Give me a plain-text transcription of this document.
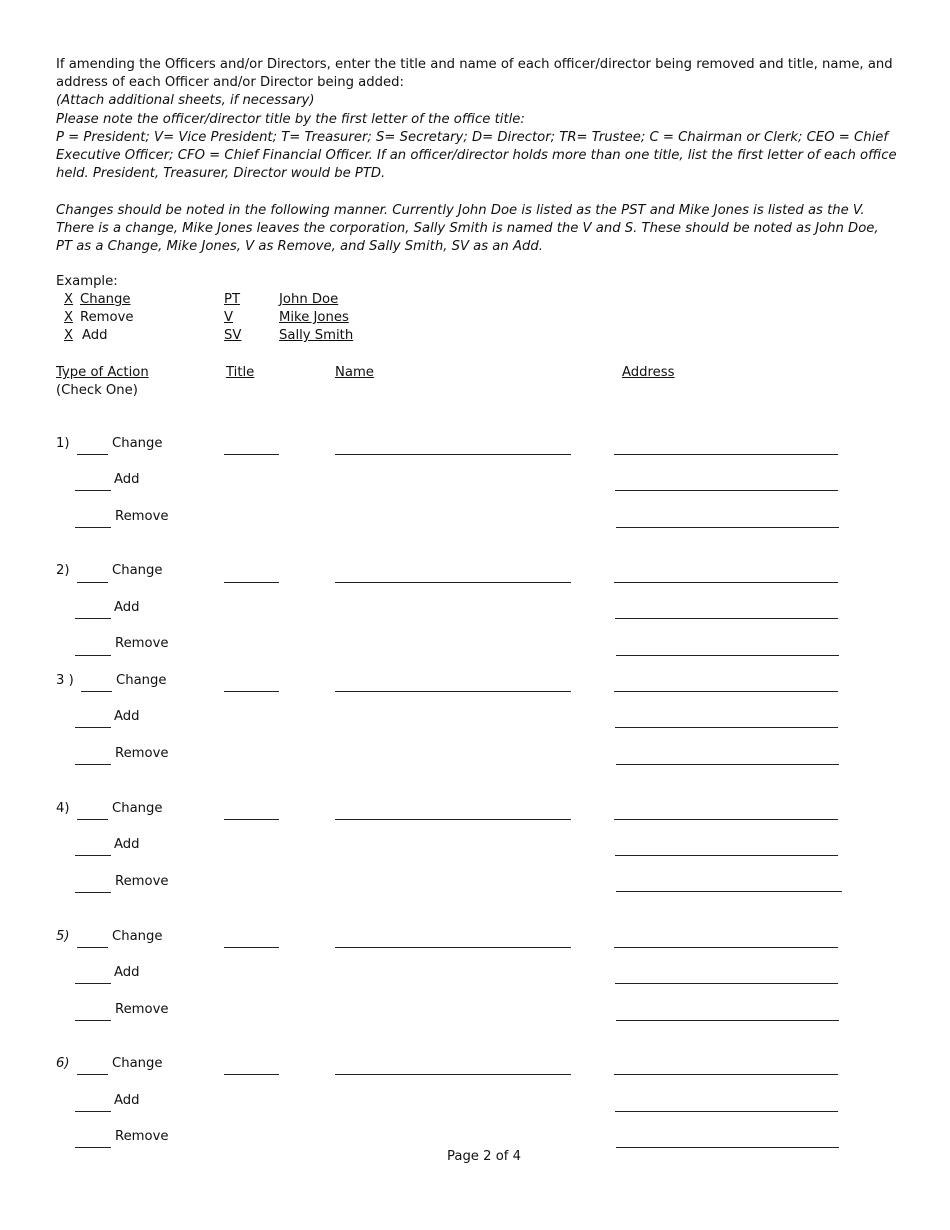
If amending the Officers and/or Directors, enter the title and name of each officer/director being removed and title, name, and address of each Officer and/or Director being added:
(Attach additional sheets, if necessary)
Please note the officer/director title by the first letter of the office title:
P = President; V= Vice President; T= Treasurer; S= Secretary; D= Director; TR= Trustee; C = Chairman or Clerk; CEO = Chief Executive Officer; CFO = Chief Financial Officer. If an officer/director holds more than one title, list the first letter of each office held. President, Treasurer, Director would be PTD.
Changes should be noted in the following manner. Currently John Doe is listed as the PST and Mike Jones is listed as the V. There is a change, Mike Jones leaves the corporation, Sally Smith is named the V and S. These should be noted as John Doe, PT as a Change, Mike Jones, V as Remove, and Sally Smith, SV as an Add.
Example:
X Change	PT	John Doe
X Remove	V	Mike Jones
X Add	SV	Sally Smith
Type of Action
(Check One)
Title	Name	Address
1)	Change
Add
Remove
2)	Change
Add
Remove
3 )	Change
Add
Remove
4)	Change
Add
Remove
5)	Change
Add
Remove
6)	Change
Add
Remove
Page 2 of 4
